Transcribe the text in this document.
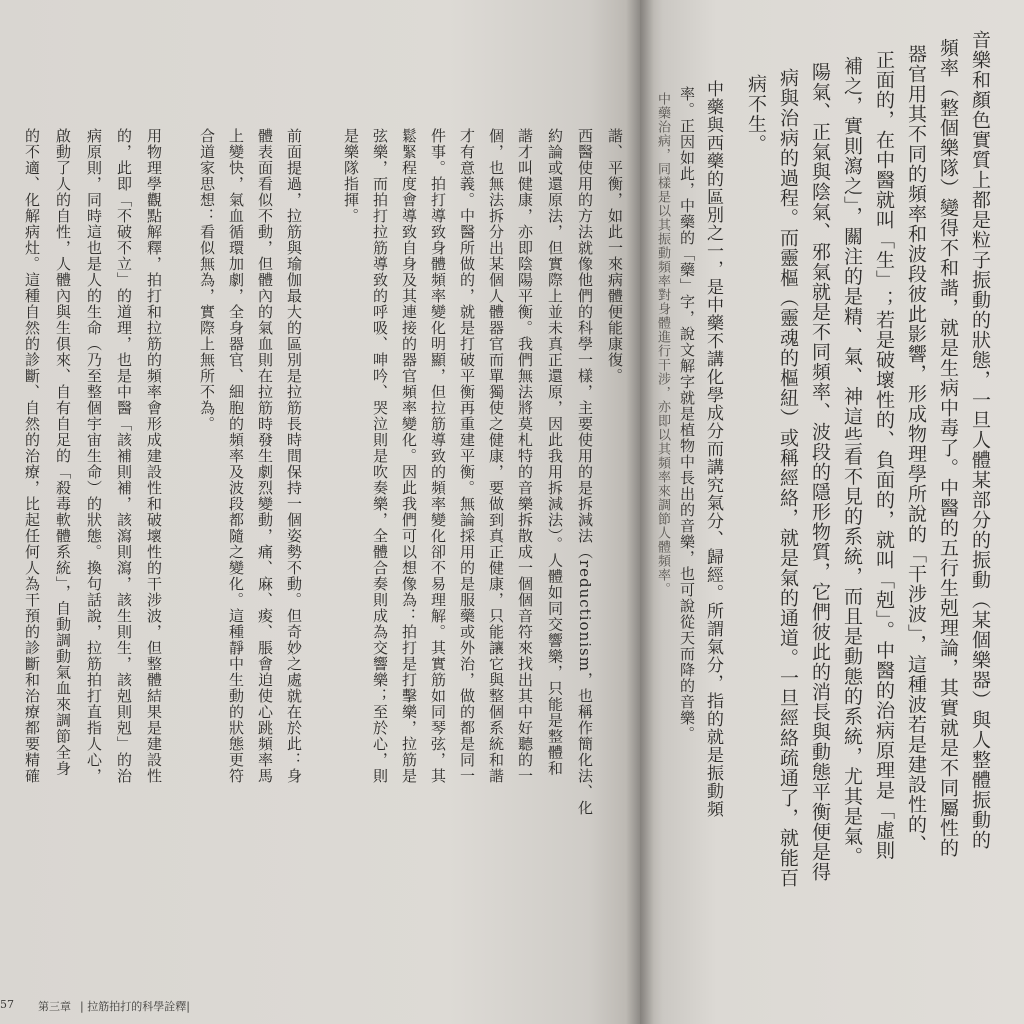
諧、平衡，如此一來病體便能康復。
西醫使用的方法就像他們的科學一樣，主要使用的是拆減法（reductionism，也稱作簡化法、化
約論或還原法，但實際上並未真正還原，因此我用拆減法）。人體如同交響樂，只能是整體和
諧才叫健康，亦即陰陽平衡。我們無法將莫札特的音樂拆散成一個個音符來找出其中好聽的一
個，也無法拆分出某個人體器官而單獨使之健康，要做到真正健康，只能讓它與整個系統和諧
才有意義。中醫所做的，就是打破平衡再重建平衡。無論採用的是服藥或外治，做的都是同一
件事。拍打導致身體頻率變化明顯，但拉筋導致的頻率變化卻不易理解。其實筋如同琴弦，其
鬆緊程度會導致自身及其連接的器官頻率變化。因此我們可以想像為：拍打是打擊樂，拉筋是
弦樂，而拍打拉筋導致的呼吸、呻吟、哭泣則是吹奏樂，全體合奏則成為交響樂；至於心，則
是樂隊指揮。
前面提過，拉筋與瑜伽最大的區別是拉筋長時間保持一個姿勢不動。但奇妙之處就在於此：身
體表面看似不動，但體內的氣血則在拉筋時發生劇烈變動，痛、麻、痠、脹會迫使心跳頻率馬
上變快，氣血循環加劇，全身器官、細胞的頻率及波段都隨之變化。這種靜中生動的狀態更符
合道家思想：看似無為，實際上無所不為。
用物理學觀點解釋，拍打和拉筋的頻率會形成建設性和破壞性的干涉波，但整體結果是建設性
的，此即「不破不立」的道理，也是中醫「該補則補，該瀉則瀉，該生則生，該剋則剋」的治
病原則，同時這也是人的生命（乃至整個宇宙生命）的狀態。換句話說，拉筋拍打直指人心，
啟動了人的自性，人體內與生俱來、自有自足的「殺毒軟體系統」，自動調動氣血來調節全身
的不適、化解病灶。這種自然的診斷、自然的治療，比起任何人為干預的診斷和治療都要精確
57 第三章 | 拉筋拍打的科學詮釋|
音樂和顏色實質上都是粒子振動的狀態，一旦人體某部分的振動（某個樂器）與人整體振動的
頻率（整個樂隊）變得不和諧，就是生病中毒了。中醫的五行生剋理論，其實就是不同屬性的
器官用其不同的頻率和波段彼此影響，形成物理學所說的「干涉波」，這種波若是建設性的、
正面的，在中醫就叫「生」；若是破壞性的、負面的，就叫「剋」。中醫的治病原理是「虛則
補之，實則瀉之」，關注的是精、氣、神這些看不見的系統，而且是動態的系統，尤其是氣。
陽氣、正氣與陰氣、邪氣就是不同頻率、波段的隱形物質，它們彼此的消長與動態平衡便是得
病與治病的過程。而靈樞（靈魂的樞紐）或稱經絡，就是氣的通道。一旦經絡疏通了，就能百
病不生。
中藥與西藥的區別之一，是中藥不講化學成分而講究氣分、歸經。所謂氣分，指的就是振動頻
率。正因如此，中藥的「藥」字，說文解字就是植物中長出的音樂，也可說從天而降的音樂。
中藥治病，同樣是以其振動頻率對身體進行干涉，亦即以其頻率來調節人體頻率。
